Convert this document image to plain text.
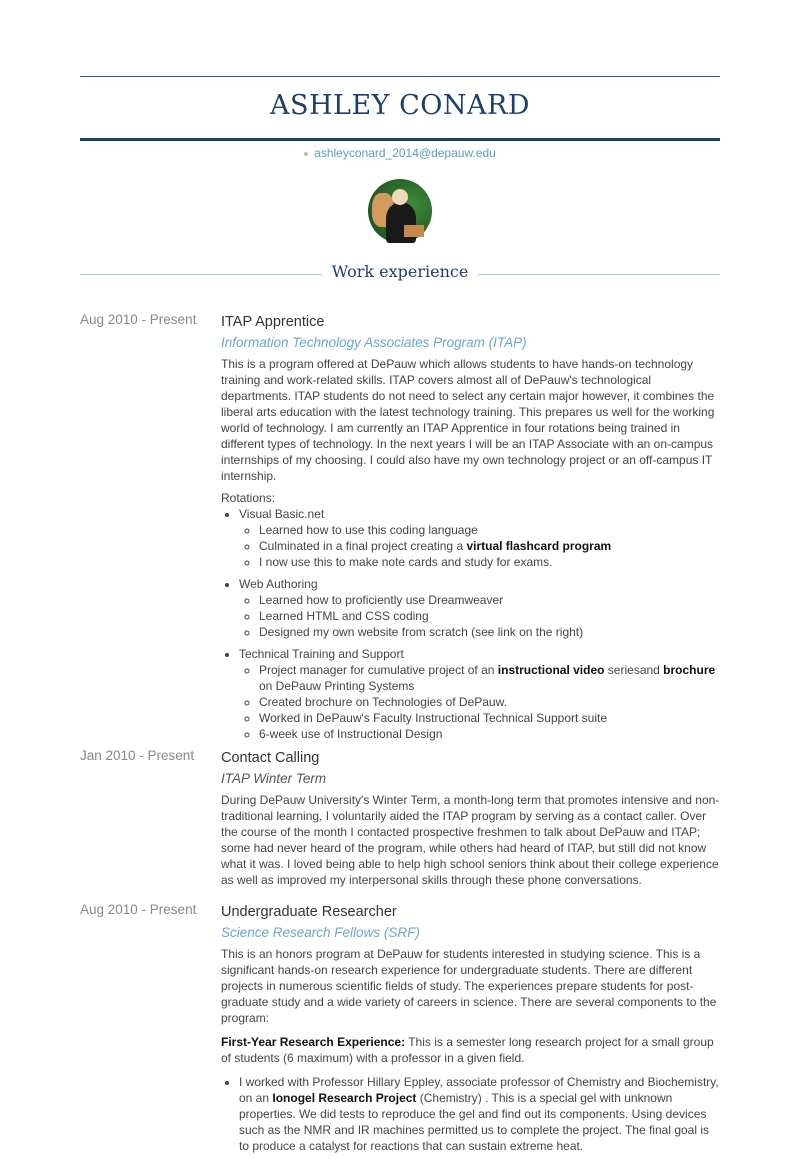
ASHLEY CONARD
ashleyconard_2014@depauw.edu
Work experience
Aug 2010 - Present	ITAP Apprentice
Information Technology Associates Program (ITAP)
This is a program offered at DePauw which allows students to have hands-on technology training and work-related skills. ITAP covers almost all of DePauw's technological departments. ITAP students do not need to select any certain major however, it combines the liberal arts education with the latest technology training. This prepares us well for the working world of technology. I am currently an ITAP Apprentice in four rotations being trained in different types of technology. In the next years I will be an ITAP Associate with an on-campus internships of my choosing. I could also have my own technology project or an off-campus IT internship.
Rotations:
• Visual Basic.net
◦ Learned how to use this coding language
◦ Culminated in a final project creating a virtual flashcard program
◦ I now use this to make note cards and study for exams.
• Web Authoring
◦ Learned how to proficiently use Dreamweaver
◦ Learned HTML and CSS coding
◦ Designed my own website from scratch (see link on the right)
• Technical Training and Support
◦ Project manager for cumulative project of an instructional video seriesand brochure on DePauw Printing Systems
◦ Created brochure on Technologies of DePauw.
◦ Worked in DePauw's Faculty Instructional Technical Support suite
◦ 6-week use of Instructional Design
Jan 2010 - Present	Contact Calling
ITAP Winter Term
During DePauw University's Winter Term, a month-long term that promotes intensive and non-traditional learning, I voluntarily aided the ITAP program by serving as a contact caller. Over the course of the month I contacted prospective freshmen to talk about DePauw and ITAP; some had never heard of the program, while others had heard of ITAP, but still did not know what it was. I loved being able to help high school seniors think about their college experience as well as improved my interpersonal skills through these phone conversations.
Aug 2010 - Present	Undergraduate Researcher
Science Research Fellows (SRF)
This is an honors program at DePauw for students interested in studying science. This is a significant hands-on research experience for undergraduate students. There are different projects in numerous scientific fields of study. The experiences prepare students for post-graduate study and a wide variety of careers in science. There are several components to the program:
First-Year Research Experience: This is a semester long research project for a small group of students (6 maximum) with a professor in a given field.
• I worked with Professor Hillary Eppley, associate professor of Chemistry and Biochemistry, on an Ionogel Research Project (Chemistry) . This is a special gel with unknown properties. We did tests to reproduce the gel and find out its components. Using devices such as the NMR and IR machines permitted us to complete the project. The final goal is to produce a catalyst for reactions that can sustain extreme heat.
